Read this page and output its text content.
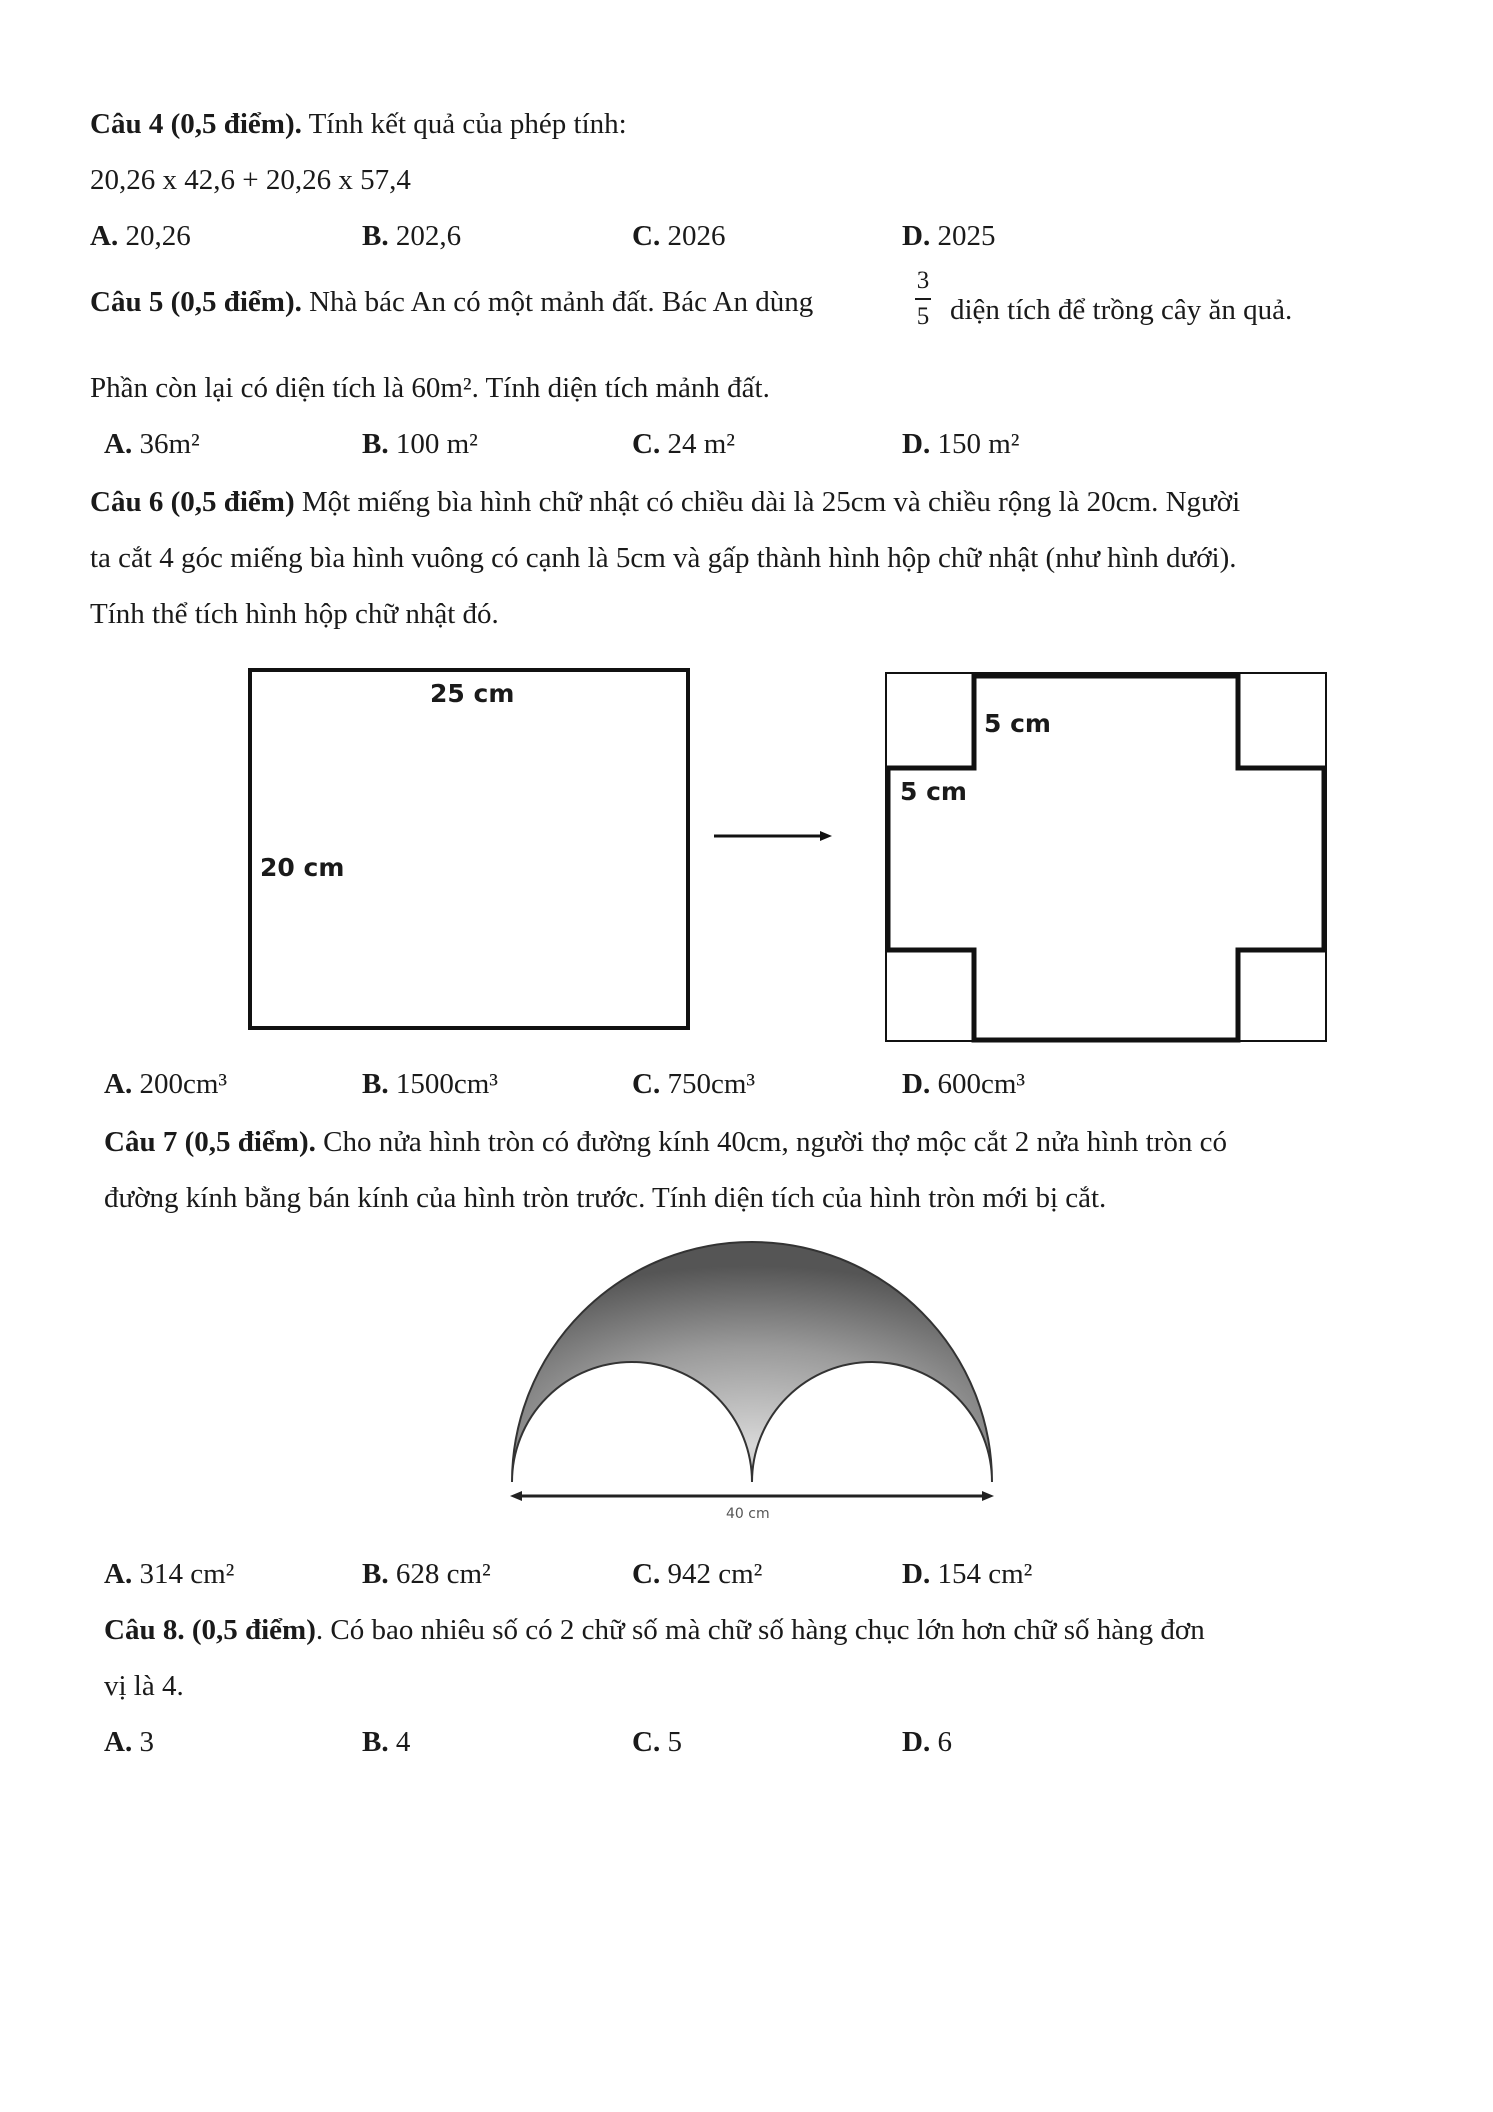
Câu 4 (0,5 điểm). Tính kết quả của phép tính:
20,26 x 42,6 + 20,26 x 57,4
A. 20,26	B. 202,6	C. 2026	D. 2025
Câu 5 (0,5 điểm). Nhà bác An có một mảnh đất. Bác An dùng
3
5 diện tích để trồng cây ăn quả.
Phần còn lại có diện tích là 60m². Tính diện tích mảnh đất.
A. 36m²	B. 100 m²	C. 24 m²	D. 150 m²
Câu 6 (0,5 điểm) Một miếng bìa hình chữ nhật có chiều dài là 25cm và chiều rộng là 20cm. Người
ta cắt 4 góc miếng bìa hình vuông có cạnh là 5cm và gấp thành hình hộp chữ nhật (như hình dưới).
Tính thể tích hình hộp chữ nhật đó.
25 cm
20 cm
5 cm
5 cm
A. 200cm³	B. 1500cm³	C. 750cm³	D. 600cm³
Câu 7 (0,5 điểm). Cho nửa hình tròn có đường kính 40cm, người thợ mộc cắt 2 nửa hình tròn có
đường kính bằng bán kính của hình tròn trước. Tính diện tích của hình tròn mới bị cắt.
40 cm
A. 314 cm²	B. 628 cm²	C. 942 cm²	D. 154 cm²
Câu 8. (0,5 điểm). Có bao nhiêu số có 2 chữ số mà chữ số hàng chục lớn hơn chữ số hàng đơn
vị là 4.
A. 3	B. 4	C. 5	D. 6
